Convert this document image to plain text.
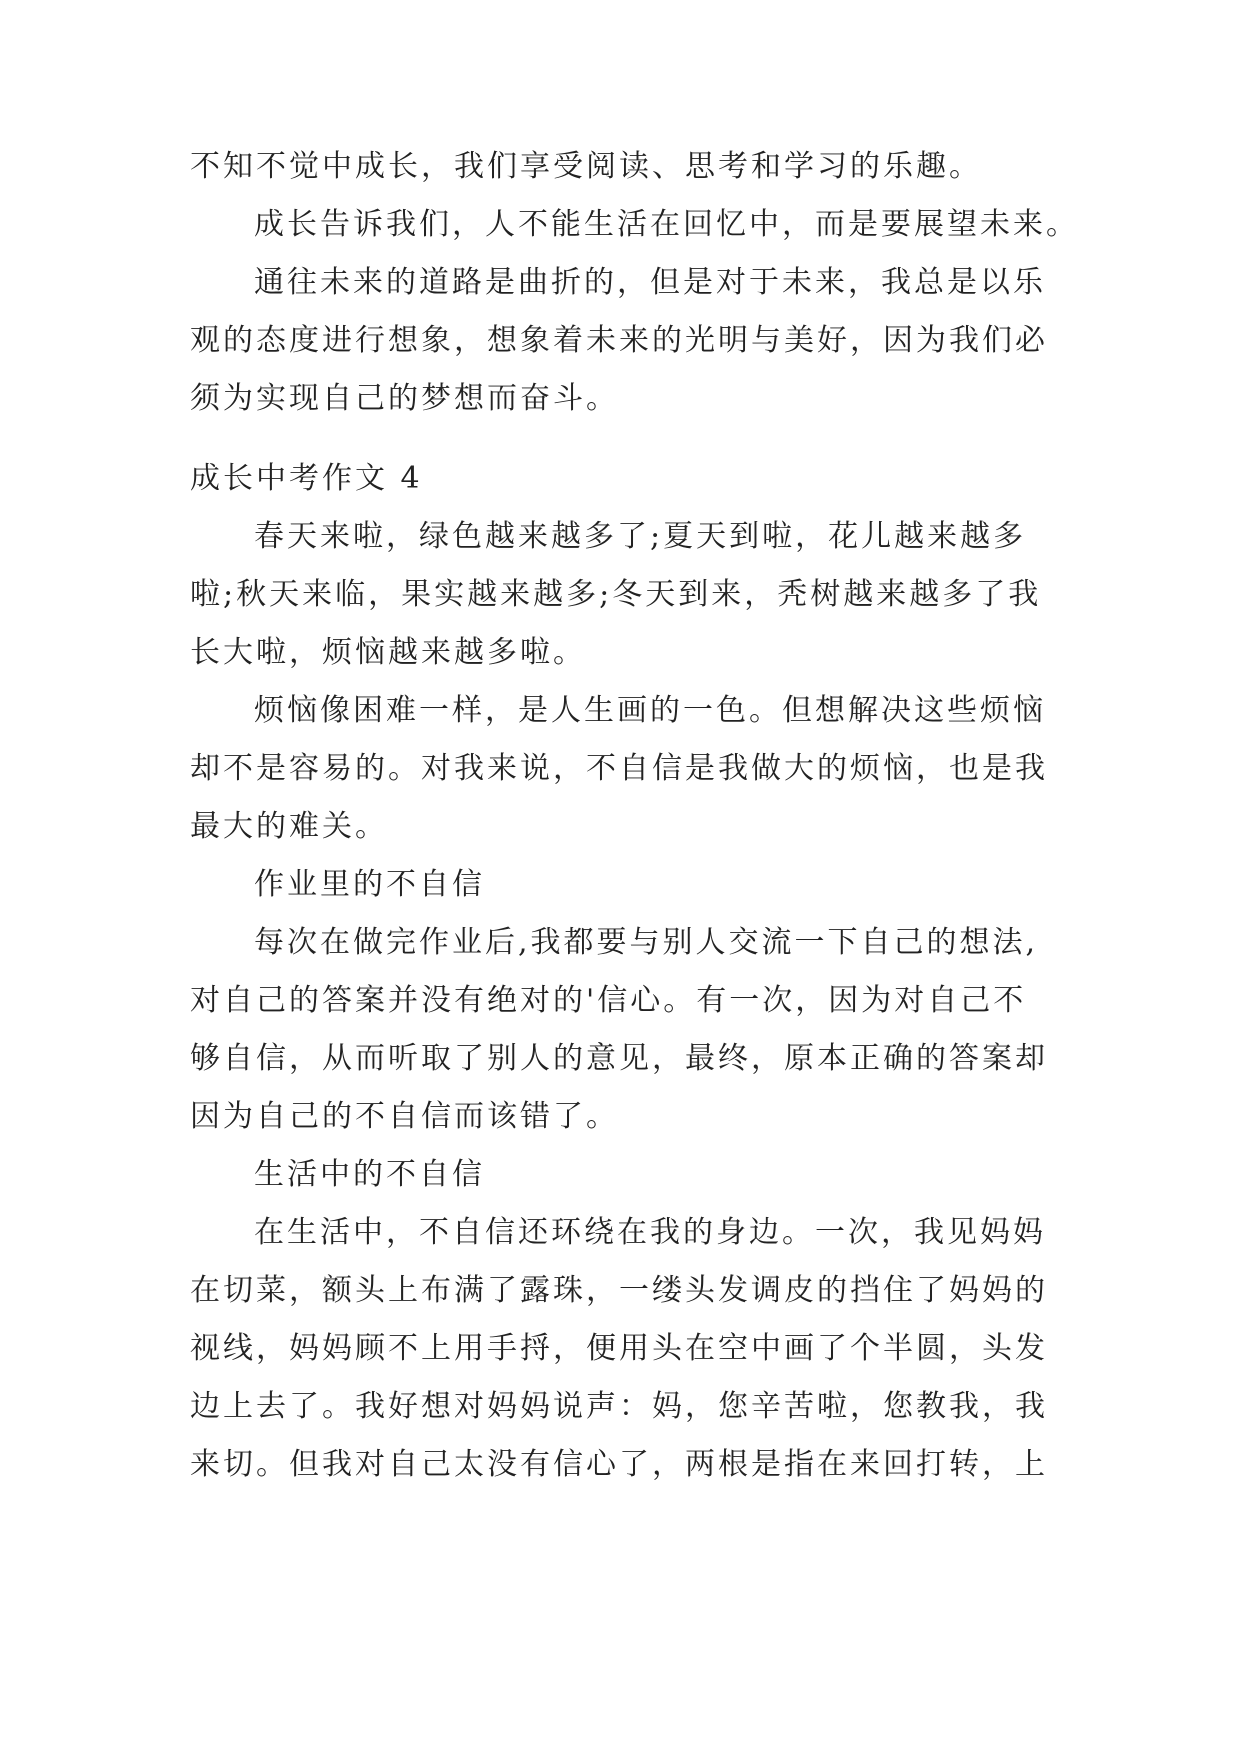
不知不觉中成长，我们享受阅读、思考和学习的乐趣。
成长告诉我们，人不能生活在回忆中，而是要展望未来。
通往未来的道路是曲折的，但是对于未来，我总是以乐
观的态度进行想象，想象着未来的光明与美好，因为我们必
须为实现自己的梦想而奋斗。
成长中考作文 4
春天来啦，绿色越来越多了;夏天到啦，花儿越来越多
啦;秋天来临，果实越来越多;冬天到来，秃树越来越多了我
长大啦，烦恼越来越多啦。
烦恼像困难一样，是人生画的一色。但想解决这些烦恼
却不是容易的。对我来说，不自信是我做大的烦恼，也是我
最大的难关。
作业里的不自信
每次在做完作业后,我都要与别人交流一下自己的想法,
对自己的答案并没有绝对的'信心。有一次，因为对自己不
够自信，从而听取了别人的意见，最终，原本正确的答案却
因为自己的不自信而该错了。
生活中的不自信
在生活中，不自信还环绕在我的身边。一次，我见妈妈
在切菜，额头上布满了露珠，一缕头发调皮的挡住了妈妈的
视线，妈妈顾不上用手捋，便用头在空中画了个半圆，头发
边上去了。我好想对妈妈说声：妈，您辛苦啦，您教我，我
来切。但我对自己太没有信心了，两根是指在来回打转，上
